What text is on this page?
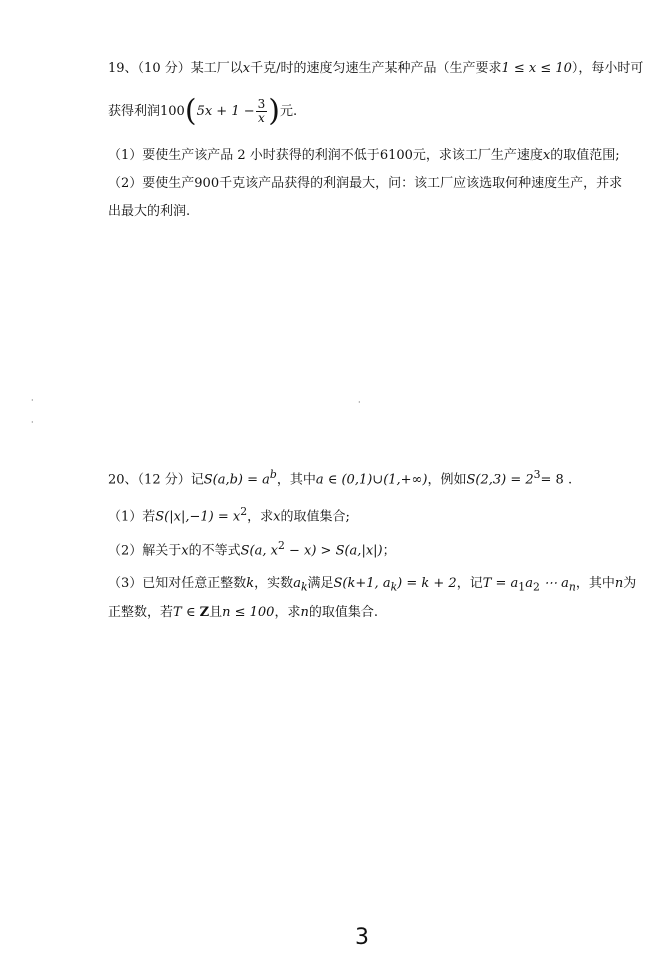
19、（10 分）某工厂以x千克/时的速度匀速生产某种产品（生产要求1 ≤ x ≤ 10），每小时可
获得利润$100(5x + 1 - \frac{3}{x}$ )元.
（1）要使生产该产品 2 小时获得的利润不低于6100元，求该工厂生产速度x的取值范围;
（2）要使生产900千克该产品获得的利润最大，问：该工厂应该选取何种速度生产，并求
出最大的利润.
·
·
·
20、（12 分）记$S(a,b) = a^b$，其中a ∈ (0,1)∪(1,+∞)，例如$S(2,3) = 2^3= 8$ .
（1）若$S(|x|,-1) = x^2$，求x的取值集合;
（2）解关于x的不等式S(a, $x^2 - x) > S(a,|x|)$；
（3）已知对任意正整数k，实数$a_k$满足S(k+1, $a_k) = k + 2$，记$T = a_1a_2$ ⋯ $a_n$，其中n为
正整数，若T ∈ Z且n ≤ 100，求n的取值集合.
3
